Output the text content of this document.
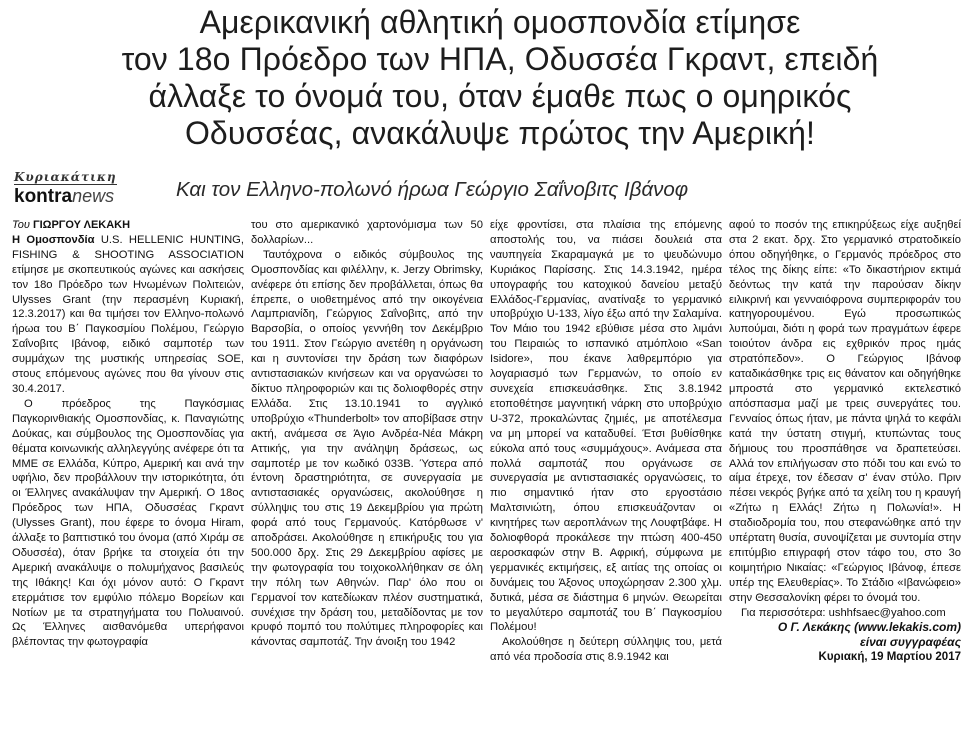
Αμερικανική αθλητική ομοσπονδία ετίμησε
τον 18ο Πρόεδρο των ΗΠΑ, Οδυσσέα Γκραντ, επειδή
άλλαξε το όνομά του, όταν έμαθε πως ο ομηρικός
Οδυσσέας, ανακάλυψε πρώτος την Αμερική!
Κυριακάτικη
kontranews	Και τον Ελληνο-πολωνό ήρωα Γεώργιο Σαΐνοβιτς Ιβάνοφ

Του ΓΙΩΡΓΟΥ ΛΕΚΑΚΗ

Η Ομοσπονδία U.S. HELLENIC HUNTING, FISHING & SHOOTING ASSOCIATION ετίμησε με σκοπευτικούς αγώνες και ασκήσεις τον 18ο Πρόεδρο των Ηνωμένων Πολιτειών, Ulysses Grant (την περασμένη Κυριακή, 12.3.2017) και θα τιμήσει τον Ελληνο-πολωνό ήρωα του Β΄ Παγκοσμίου Πολέμου, Γεώργιο Σαΐνοβιτς Ιβάνοφ, ειδικό σαμποτέρ των συμμάχων της μυστικής υπηρεσίας SOE, στους επόμενους αγώνες που θα γίνουν στις 30.4.2017.

Ο πρόεδρος της Παγκόσμιας Παγκορινθιακής Ομοσπονδίας, κ. Παναγιώτης Δούκας, και σύμβουλος της Ομοσπονδίας για θέματα κοινωνικής αλληλεγγύης ανέφερε ότι τα ΜΜΕ σε Ελλάδα, Κύπρο, Αμερική και ανά την υφήλιο, δεν προβάλλουν την ιστορικότητα, ότι οι Έλληνες ανακάλυψαν την Αμερική. Ο 18ος Πρόεδρος των ΗΠΑ, Οδυσσέας Γκραντ (Ulysses Grant), που έφερε το όνομα Hiram, άλλαξε το βαπτιστικό του όνομα (από Χιράμ σε Οδυσσέα), όταν βρήκε τα στοιχεία ότι την Αμερική ανακάλυψε ο πολυμήχανος βασιλεύς της Ιθάκης! Και όχι μόνον αυτό: Ο Γκραντ ετερμάτισε τον εμφύλιο πόλεμο Βορείων και Νοτίων με τα στρατηγήματα του Πολυαινού. Ως Έλληνες αισθανόμεθα υπερήφανοι βλέποντας την φωτογραφία

του στο αμερικανικό χαρτονόμισμα των 50 δολλαρίων...

Ταυτόχρονα ο ειδικός σύμβουλος της Ομοσπονδίας και φιλέλλην, κ. Jerzy Obrimsky, ανέφερε ότι επίσης δεν προβάλλεται, όπως θα έπρεπε, ο υιοθετημένος από την οικογένεια Λαμπριανίδη, Γεώργιος Σαΐνοβιτς, από την Βαρσοβία, ο οποίος γεννήθη τον Δεκέμβριο του 1911. Στον Γεώργιο ανετέθη η οργάνωση και η συντονίσει την δράση των διαφόρων αντιστασιακών κινήσεων και να οργανώσει το δίκτυο πληροφοριών και τις δολιοφθορές στην Ελλάδα. Στις 13.10.1941 το αγγλικό υποβρύχιο «Thunderbolt» τον αποβίβασε στην ακτή, ανάμεσα σε Άγιο Ανδρέα-Νέα Μάκρη Αττικής, για την ανάληψη δράσεως, ως σαμποτέρ με τον κωδικό 033Β. Ύστερα από έντονη δραστηριότητα, σε συνεργασία με αντιστασιακές οργανώσεις, ακολούθησε η σύλληψις του στις 19 Δεκεμβρίου για πρώτη φορά από τους Γερμανούς. Κατόρθωσε ν' αποδράσει. Ακολούθησε η επικήρυξις του για 500.000 δρχ. Στις 29 Δεκεμβρίου αφίσες με την φωτογραφία του τοιχοκολλήθηκαν σε όλη την πόλη των Αθηνών. Παρ' όλο που οι Γερμανοί τον κατεδίωκαν πλέον συστηματικά, συνέχισε την δράση του, μεταδίδοντας με τον κρυφό πομπό του πολύτιμες πληροφορίες και κάνοντας σαμποτάζ. Την άνοιξη του 1942

είχε φροντίσει, στα πλαίσια της επόμενης αποστολής του, να πιάσει δουλειά στα ναυπηγεία Σκαραμαγκά με το ψευδώνυμο Κυριάκος Παρίσσης. Στις 14.3.1942, ημέρα υπογραφής του κατοχικού δανείου μεταξύ Ελλάδος-Γερμανίας, ανατίναξε το γερμανικό υποβρύχιο U-133, λίγο έξω από την Σαλαμίνα. Τον Μάιο του 1942 εβύθισε μέσα στο λιμάνι του Πειραιώς το ισπανικό ατμόπλοιο «San Isidore», που έκανε λαθρεμπόριο για λογαριασμό των Γερμανών, το οποίο εν συνεχεία επισκευάσθηκε. Στις 3.8.1942 ετοποθέτησε μαγνητική νάρκη στο υποβρύχιο U-372, προκαλώντας ζημιές, με αποτέλεσμα να μη μπορεί να καταδυθεί. Έτσι βυθίσθηκε εύκολα από τους «συμμάχους». Ανάμεσα στα πολλά σαμποτάζ που οργάνωσε σε συνεργασία με αντιστασιακές οργανώσεις, το πιο σημαντικό ήταν στο εργοστάσιο Μαλτσινιώτη, όπου επισκευάζονταν οι κινητήρες των αεροπλάνων της Λουφτβάφε. Η δολιοφθορά προκάλεσε την πτώση 400-450 αεροσκαφών στην Β. Αφρική, σύμφωνα με γερμανικές εκτιμήσεις, εξ αιτίας της οποίας οι δυνάμεις του Άξονος υποχώρησαν 2.300 χλμ. δυτικά, μέσα σε διάστημα 6 μηνών. Θεωρείται το μεγαλύτερο σαμποτάζ του Β΄ Παγκοσμίου Πολέμου!

Ακολούθησε η δεύτερη σύλληψις του, μετά από νέα προδοσία στις 8.9.1942 και

αφού το ποσόν της επικηρύξεως είχε αυξηθεί στα 2 εκατ. δρχ. Στο γερμανικό στρατοδικείο όπου οδηγήθηκε, ο Γερμανός πρόεδρος στο τέλος της δίκης είπε: «Το δικαστήριον εκτιμά δεόντως την κατά την παρούσαν δίκην ειλικρινή και γενναιόφρονα συμπεριφοράν του κατηγορουμένου. Εγώ προσωπικώς λυπούμαι, διότι η φορά των πραγμάτων έφερε τοιούτον άνδρα εις εχθρικόν προς ημάς στρατόπεδον». Ο Γεώργιος Ιβάνοφ καταδικάσθηκε τρις εις θάνατον και οδηγήθηκε μπροστά στο γερμανικό εκτελεστικό απόσπασμα μαζί με τρεις συνεργάτες του. Γενναίος όπως ήταν, με πάντα ψηλά το κεφάλι κατά την ύστατη στιγμή, κτυπώντας τους δήμιους του προσπάθησε να δραπετεύσει. Αλλά τον επιλήγωσαν στο πόδι του και ενώ το αίμα έτρεχε, τον έδεσαν σ' έναν στύλο. Πριν πέσει νεκρός βγήκε από τα χείλη του η κραυγή «Ζήτω η Ελλάς! Ζήτω η Πολωνία!». Η σταδιοδρομία του, που στεφανώθηκε από την υπέρτατη θυσία, συνοψίζεται με συντομία στην επιτύμβιο επιγραφή στον τάφο του, στο 3ο κοιμητήριο Νικαίας: «Γεώργιος Ιβάνοφ, έπεσε υπέρ της Ελευθερίας». Το Στάδιο «Ιβανώφειο» στην Θεσσαλονίκη φέρει το όνομά του.

Για περισσότερα: ushhfsaec@yahoo.com

Ο Γ. Λεκάκης (www.lekakis.com)
είναι συγγραφέας

Κυριακή, 19 Μαρτίου 2017
